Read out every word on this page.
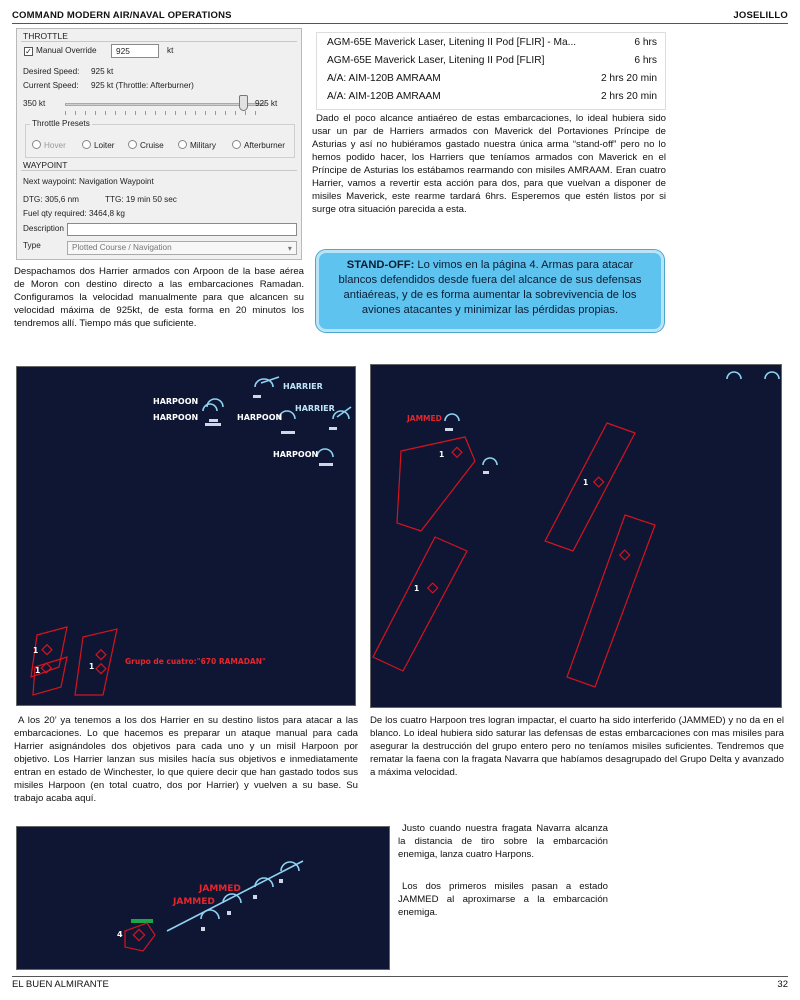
COMMAND MODERN AIR/NAVAL OPERATIONS	JOSELILLO
THROTTLE
✓ Manual Override	925	kt
Desired Speed: 925 kt
Current Speed: 925 kt (Throttle: Afterburner)
350 kt	925 kt
Throttle Presets
Hover	Loiter	Cruise	Military	Afterburner
WAYPOINT
Next waypoint: Navigation Waypoint
DTG: 305,6 nm	TTG: 19 min 50 sec
Fuel qty required: 3464,8 kg
Description
Type	Plotted Course / Navigation	▾
AGM-65E Maverick Laser, Litening II Pod [FLIR] - Ma...	6 hrs
AGM-65E Maverick Laser, Litening II Pod [FLIR]	6 hrs
A/A: AIM-120B AMRAAM	2 hrs 20 min
A/A: AIM-120B AMRAAM	2 hrs 20 min
Dado el poco alcance antiaéreo de estas embarcaciones, lo ideal hubiera sido usar un par de Harriers armados con Maverick del Portaviones Príncipe de Asturias y así no hubiéramos gastado nuestra única arma “stand-off” pero no lo hemos podido hacer, los Harriers que teníamos armados con Maverick en el Príncipe de Asturias los estábamos rearmando con misiles AMRAAM. Eran cuatro Harrier, vamos a revertir esta acción para dos, para que vuelvan a disponer de misiles Maverick, este rearme tardará 6hrs. Esperemos que estén listos por si surge otra situación parecida a esta.
STAND-OFF: Lo vimos en la página 4. Armas para atacar blancos defendidos desde fuera del alcance de sus defensas antiaéreas, y de es forma aumentar la sobrevivencia de los aviones atacantes y minimizar las pérdidas propias.
Despachamos dos Harrier armados con Arpoon de la base aérea de Moron con destino directo a las embarcaciones Ramadan. Configuramos la velocidad manualmente para que alcancen su velocidad máxima de 925kt, de esta forma en 20 minutos los tendremos allí. Tiempo más que suficiente.
HARPOON
HARPOON
HARRIER
HARPOON
HARRIER
HARPOON
1
1	1
Grupo de cuatro:"670 RAMADAN"
JAMMED
1
1
1
A los 20’ ya tenemos a los dos Harrier en su destino listos para atacar a las embarcaciones. Lo que hacemos es preparar un ataque manual para cada Harrier asignándoles dos objetivos para cada uno y un misil Harpoon por objetivo. Los Harrier lanzan sus misiles hacía sus objetivos e inmediatamente entran en estado de Winchester, lo que quiere decir que han gastado todos sus misiles Harpoon (en total cuatro, dos por Harrier) y vuelven a su base. Su trabajo acaba aquí.
De los cuatro Harpoon tres logran impactar, el cuarto ha sido interferido (JAMMED) y no da en el blanco. Lo ideal hubiera sido saturar las defensas de estas embarcaciones con mas misiles para asegurar la destrucción del grupo entero pero no teníamos misiles suficientes. Tendremos que rematar la faena con la fragata Navarra que habíamos desagrupado del Grupo Delta y avanzado a máxima velocidad.
JAMMED
JAMMED
4
Justo cuando nuestra fragata Navarra alcanza la distancia de tiro sobre la embarcación enemiga, lanza cuatro Harpons.
Los dos primeros misiles pasan a estado JAMMED al aproximarse a la embarcación enemiga.
EL BUEN ALMIRANTE	32
